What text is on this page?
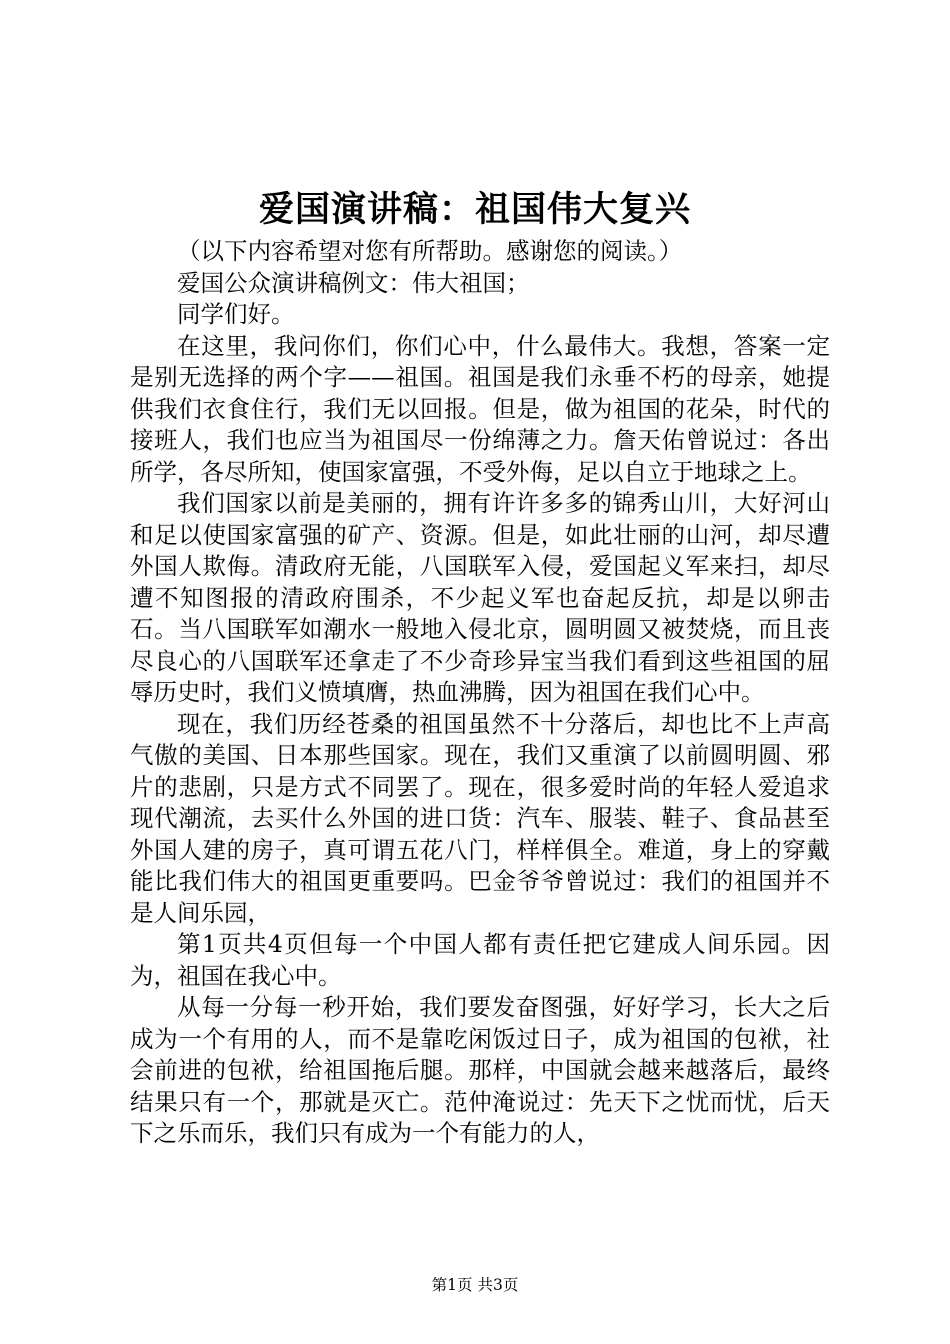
爱国演讲稿：祖国伟大复兴

（以下内容希望对您有所帮助。感谢您的阅读。）

爱国公众演讲稿例文：伟大祖国；

同学们好。

在这里，我问你们，你们心中，什么最伟大。我想，答案一定是别无选择的两个字——祖国。祖国是我们永垂不朽的母亲，她提供我们衣食住行，我们无以回报。但是，做为祖国的花朵，时代的接班人，我们也应当为祖国尽一份绵薄之力。詹天佑曾说过：各出所学，各尽所知，使国家富强，不受外侮，足以自立于地球之上。

我们国家以前是美丽的，拥有许许多多的锦秀山川，大好河山和足以使国家富强的矿产、资源。但是，如此壮丽的山河，却尽遭外国人欺侮。清政府无能，八国联军入侵，爱国起义军来扫，却尽遭不知图报的清政府围杀，不少起义军也奋起反抗，却是以卵击石。当八国联军如潮水一般地入侵北京，圆明圆又被焚烧，而且丧尽良心的八国联军还拿走了不少奇珍异宝当我们看到这些祖国的屈辱历史时，我们义愤填膺，热血沸腾，因为祖国在我们心中。

现在，我们历经苍桑的祖国虽然不十分落后，却也比不上声高气傲的美国、日本那些国家。现在，我们又重演了以前圆明圆、邪片的悲剧，只是方式不同罢了。现在，很多爱时尚的年轻人爱追求现代潮流，去买什么外国的进口货：汽车、服装、鞋子、食品甚至外国人建的房子，真可谓五花八门，样样俱全。难道，身上的穿戴能比我们伟大的祖国更重要吗。巴金爷爷曾说过：我们的祖国并不是人间乐园，

第1页共4页但每一个中国人都有责任把它建成人间乐园。因为，祖国在我心中。

从每一分每一秒开始，我们要发奋图强，好好学习，长大之后成为一个有用的人，而不是靠吃闲饭过日子，成为祖国的包袱，社会前进的包袱，给祖国拖后腿。那样，中国就会越来越落后，最终结果只有一个，那就是灭亡。范仲淹说过：先天下之忧而忧，后天下之乐而乐，我们只有成为一个有能力的人，

第1页 共3页
